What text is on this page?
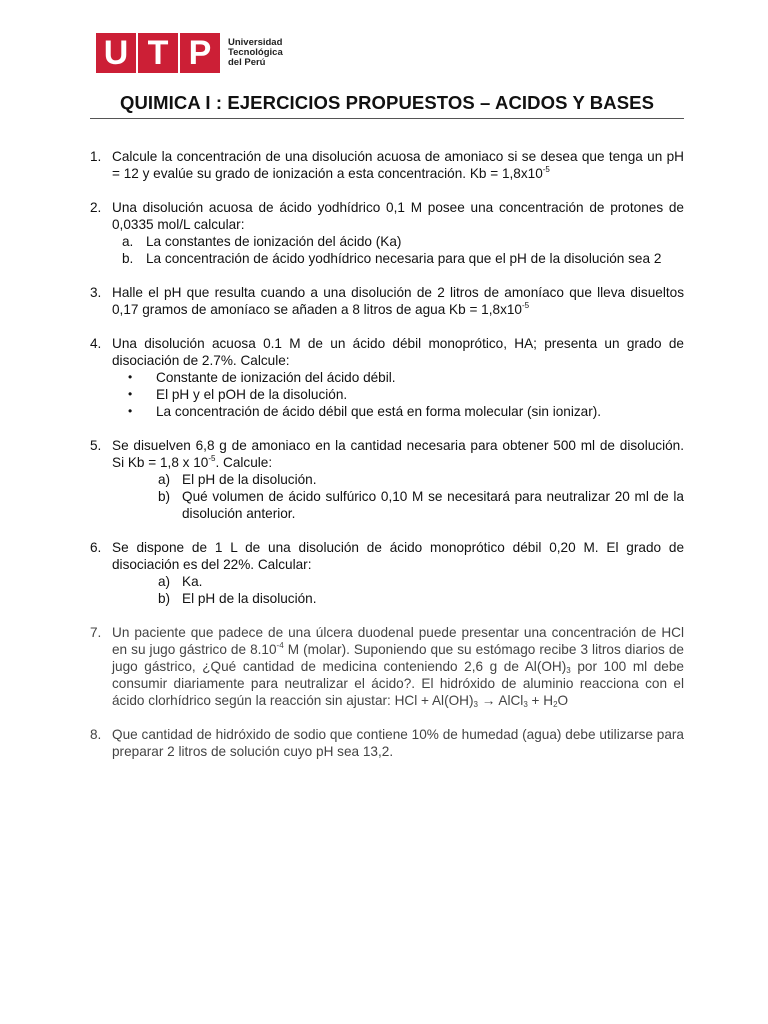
U T P	Universidad
Tecnológica
del Perú
QUIMICA I : EJERCICIOS PROPUESTOS – ACIDOS Y BASES
1. Calcule la concentración de una disolución acuosa de amoniaco si se desea que tenga un pH = 12 y evalúe su grado de ionización a esta concentración. $Kb = 1,8x10^{-5}$
2. Una disolución acuosa de ácido yodhídrico 0,1 M posee una concentración de protones de 0,0335 mol/L calcular:
a. La constantes de ionización del ácido (Ka)
b. La concentración de ácido yodhídrico necesaria para que el pH de la disolución sea 2
3. Halle el pH que resulta cuando a una disolución de 2 litros de amoníaco que lleva disueltos 0,17 gramos de amoníaco se añaden a 8 litros de agua $Kb = 1,8x10^{-5}$
4. Una disolución acuosa 0.1 M de un ácido débil monoprótico, HA; presenta un grado de disociación de 2.7%. Calcule:
•	Constante de ionización del ácido débil.
•	El pH y el pOH de la disolución.
•	La concentración de ácido débil que está en forma molecular (sin ionizar).
5. Se disuelven 6,8 g de amoniaco en la cantidad necesaria para obtener 500 ml de disolución. Si Kb = 1,8 x $10^{-5}$. Calcule:
a) El pH de la disolución.
b) Qué volumen de ácido sulfúrico 0,10 M se necesitará para neutralizar 20 ml de la disolución anterior.
6. Se dispone de 1 L de una disolución de ácido monoprótico débil 0,20 M. El grado de disociación es del 22%. Calcular:
a) Ka.
b) El pH de la disolución.
7. Un paciente que padece de una úlcera duodenal puede presentar una concentración de HCl en su jugo gástrico de $8.10^{-4}$ M (molar). Suponiendo que su estómago recibe 3 litros diarios de jugo gástrico, ¿Qué cantidad de medicina conteniendo 2,6 g de $Al(OH)_3$ por 100 ml debe consumir diariamente para neutralizar el ácido?. El hidróxido de aluminio reacciona con el ácido clorhídrico según la reacción sin ajustar: HCl + $Al(OH)_3$ → AlCl$_3$ + $H_2O$
8. Que cantidad de hidróxido de sodio que contiene 10% de humedad (agua) debe utilizarse para preparar 2 litros de solución cuyo pH sea 13,2.
